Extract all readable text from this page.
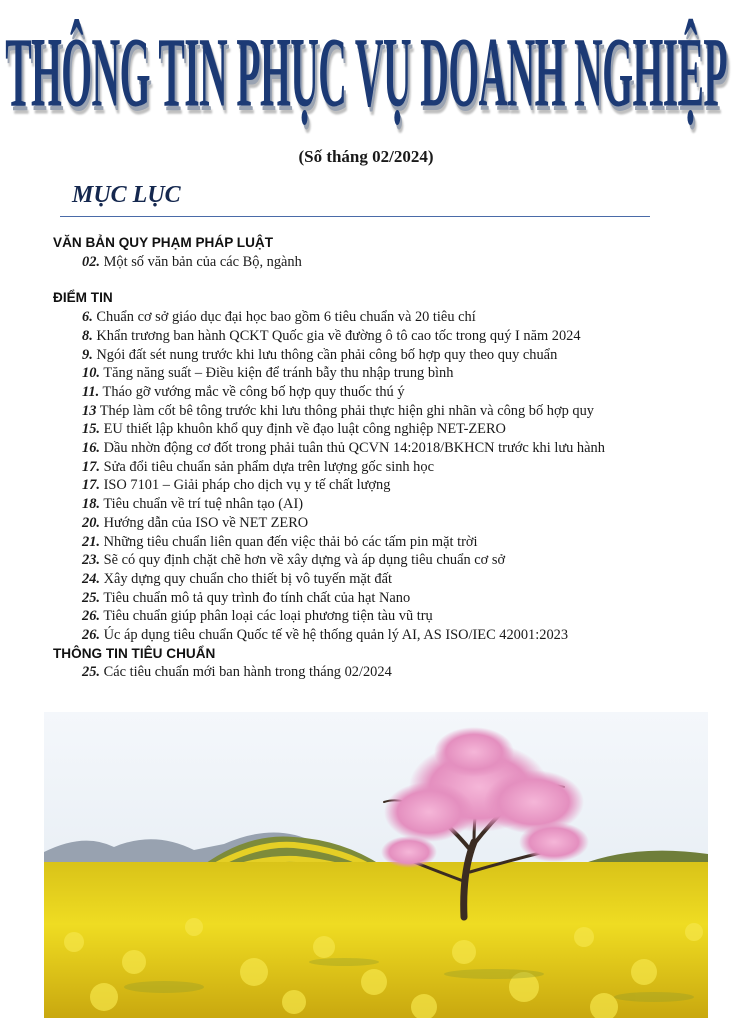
THÔNG TIN PHỤC VỤ DOANH NGHIỆP
(Số tháng 02/2024)
MỤC LỤC
VĂN BẢN QUY PHẠM PHÁP LUẬT
02. Một số văn bản của các Bộ, ngành
ĐIỂM TIN
6. Chuẩn cơ sở giáo dục đại học bao gồm 6 tiêu chuẩn và 20 tiêu chí
8. Khẩn trương ban hành QCKT Quốc gia về đường ô tô cao tốc trong quý I năm 2024
9. Ngói đất sét nung trước khi lưu thông cần phải công bố hợp quy theo quy chuẩn
10. Tăng năng suất – Điều kiện để tránh bẫy thu nhập trung bình
11. Tháo gỡ vướng mắc về công bố hợp quy thuốc thú ý
13 Thép làm cốt bê tông trước khi lưu thông phải thực hiện ghi nhãn và công bố hợp quy
15. EU thiết lập khuôn khổ quy định về đạo luật công nghiệp NET-ZERO
16. Dầu nhờn động cơ đốt trong phải tuân thủ QCVN 14:2018/BKHCN trước khi lưu hành
17. Sửa đổi tiêu chuẩn sản phẩm dựa trên lượng gốc sinh học
17. ISO 7101 – Giải pháp cho dịch vụ y tế chất lượng
18. Tiêu chuẩn về trí tuệ nhân tạo (AI)
20. Hướng dẫn của ISO về NET ZERO
21. Những tiêu chuẩn liên quan đến việc thải bỏ các tấm pin mặt trời
23. Sẽ có quy định chặt chẽ hơn về xây dựng và áp dụng tiêu chuẩn cơ sở
24. Xây dựng quy chuẩn cho thiết bị vô tuyến mặt đất
25. Tiêu chuẩn mô tả quy trình đo tính chất của hạt Nano
26. Tiêu chuẩn giúp phân loại các loại phương tiện tàu vũ trụ
26. Úc áp dụng tiêu chuẩn Quốc tế về hệ thống quản lý AI, AS ISO/IEC 42001:2023
THÔNG TIN TIÊU CHUẨN
25. Các tiêu chuẩn mới ban hành trong tháng 02/2024
